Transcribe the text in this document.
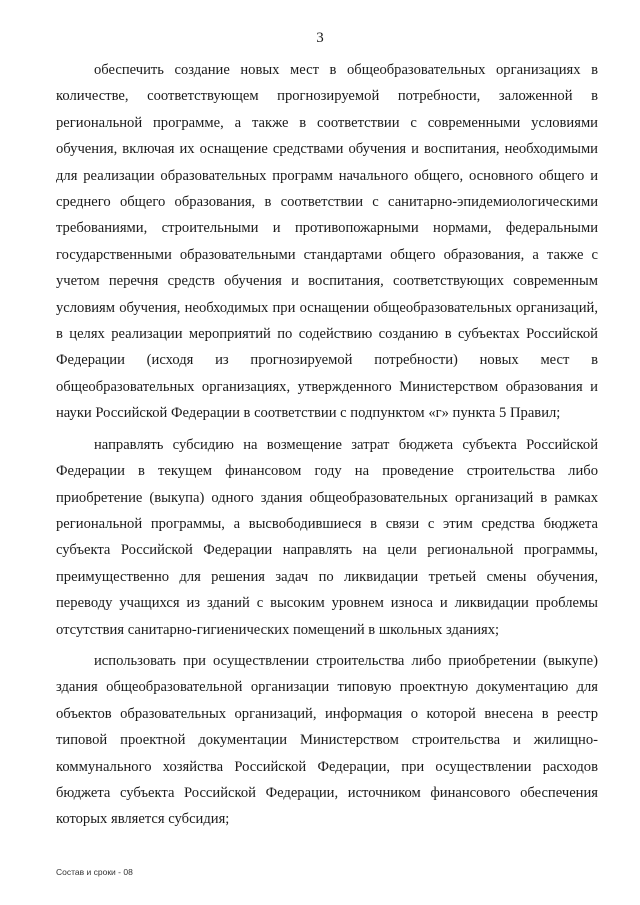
3

обеспечить создание новых мест в общеобразовательных организациях в количестве, соответствующем прогнозируемой потребности, заложенной в региональной программе, а также в соответствии с современными условиями обучения, включая их оснащение средствами обучения и воспитания, необходимыми для реализации образовательных программ начального общего, основного общего и среднего общего образования, в соответствии с санитарно-эпидемиологическими требованиями, строительными и противопожарными нормами, федеральными государственными образовательными стандартами общего образования, а также с учетом перечня средств обучения и воспитания, соответствующих современным условиям обучения, необходимых при оснащении общеобразовательных организаций, в целях реализации мероприятий по содействию созданию в субъектах Российской Федерации (исходя из прогнозируемой потребности) новых мест в общеобразовательных организациях, утвержденного Министерством образования и науки Российской Федерации в соответствии с подпунктом «г» пункта 5 Правил;

направлять субсидию на возмещение затрат бюджета субъекта Российской Федерации в текущем финансовом году на проведение строительства либо приобретение (выкупа) одного здания общеобразовательных организаций в рамках региональной программы, а высвободившиеся в связи с этим средства бюджета субъекта Российской Федерации направлять на цели региональной программы, преимущественно для решения задач по ликвидации третьей смены обучения, переводу учащихся из зданий с высоким уровнем износа и ликвидации проблемы отсутствия санитарно-гигиенических помещений в школьных зданиях;

использовать при осуществлении строительства либо приобретении (выкупе) здания общеобразовательной организации типовую проектную документацию для объектов образовательных организаций, информация о которой внесена в реестр типовой проектной документации Министерством строительства и жилищно-коммунального хозяйства Российской Федерации, при осуществлении расходов бюджета субъекта Российской Федерации, источником финансового обеспечения которых является субсидия;

Состав и сроки - 08
